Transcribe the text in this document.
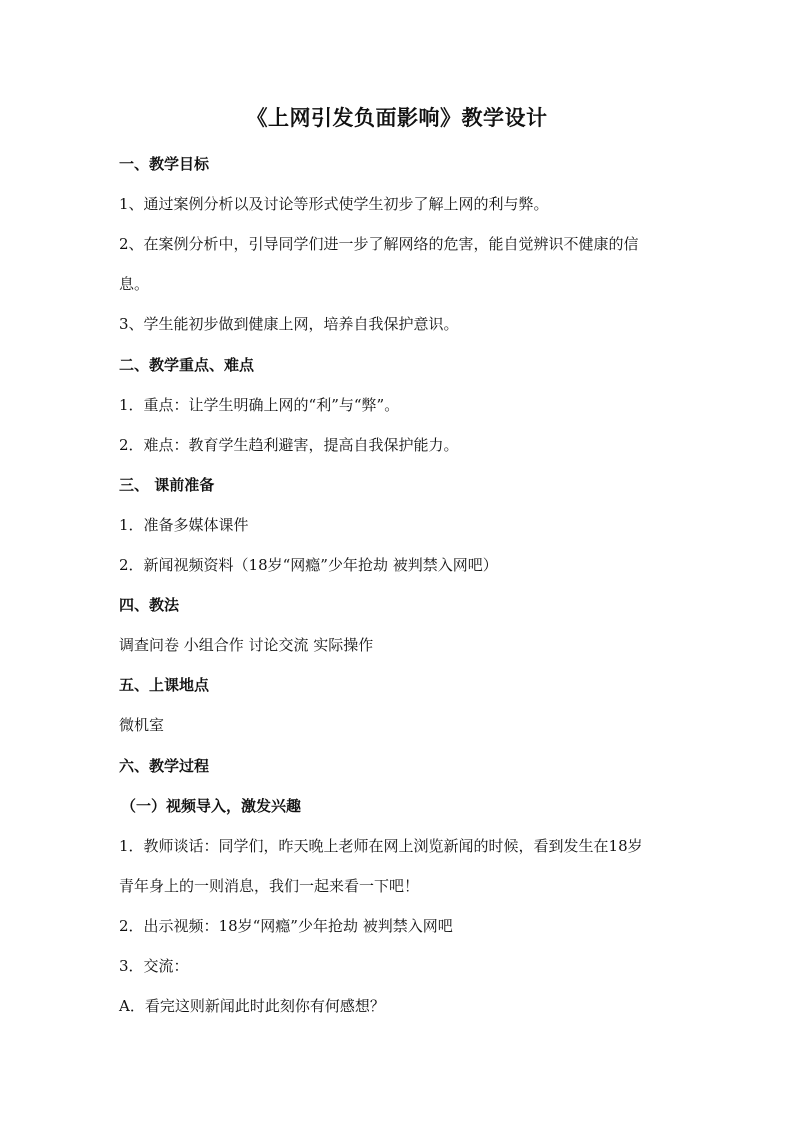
《上网引发负面影响》教学设计
一、教学目标
1、通过案例分析以及讨论等形式使学生初步了解上网的利与弊。
2、在案例分析中，引导同学们进一步了解网络的危害，能自觉辨识不健康的信
息。
3、学生能初步做到健康上网，培养自我保护意识。
二、教学重点、难点
1．重点：让学生明确上网的“利”与“弊”。
2．难点：教育学生趋利避害，提高自我保护能力。
三、 课前准备
1．准备多媒体课件
2．新闻视频资料（18岁“网瘾”少年抢劫 被判禁入网吧）
四、教法
调查问卷 小组合作 讨论交流 实际操作
五、上课地点
微机室
六、教学过程
（一）视频导入，激发兴趣
1．教师谈话：同学们，昨天晚上老师在网上浏览新闻的时候，看到发生在18岁
青年身上的一则消息，我们一起来看一下吧！
2．出示视频：18岁“网瘾”少年抢劫 被判禁入网吧
3．交流：
A．看完这则新闻此时此刻你有何感想？
